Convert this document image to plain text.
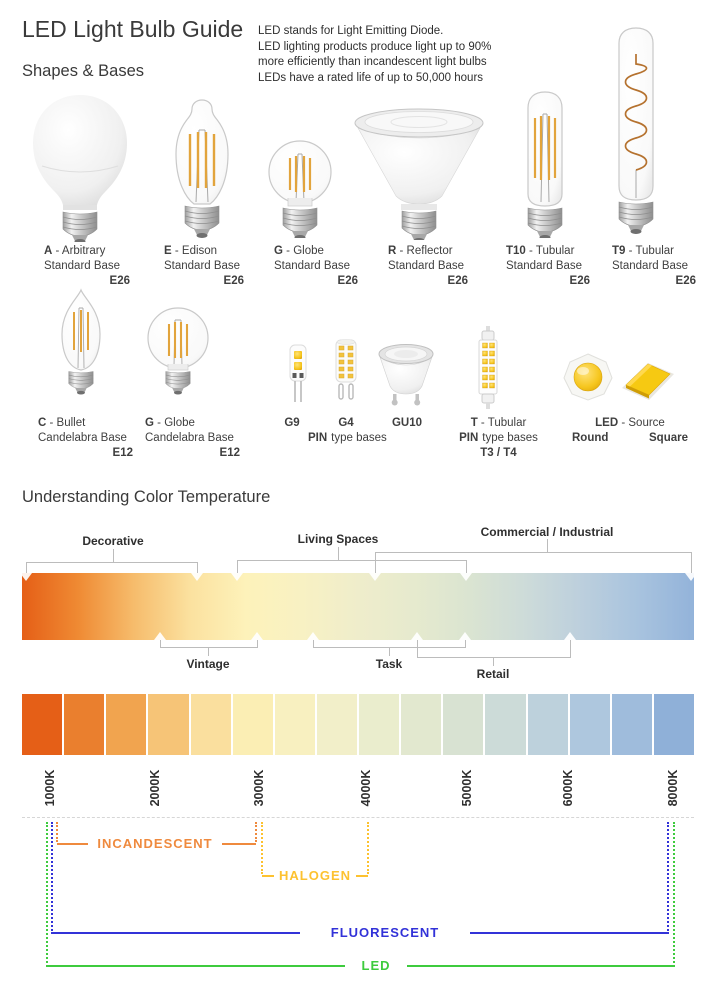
LED Light Bulb Guide
Shapes & Bases
LED stands for Light Emitting Diode.
LED lighting products produce light up to 90%
more efficiently than incandescent light bulbs
LEDs have a rated life of up to 50,000 hours
A - Arbitrary
Standard Base
E26
E - Edison
Standard Base
E26
G - Globe
Standard Base
E26
R - Reflector
Standard Base
E26
T10 - Tubular
Standard Base
E26
T9 - Tubular
Standard Base
E26
C - Bullet
Candelabra Base
E12
G - Globe
Candelabra Base
E12
G9	G4	GU10
PIN type bases
T - Tubular
PIN type bases
T3 / T4
LED - Source
Round	Square
Understanding Color Temperature
Decorative	Living Spaces	Commercial / Industrial
Vintage	Task
Retail
1000K	2000K	3000K	4000K	5000K	6000K	8000K
INCANDESCENT
HALOGEN
FLUORESCENT
LED
